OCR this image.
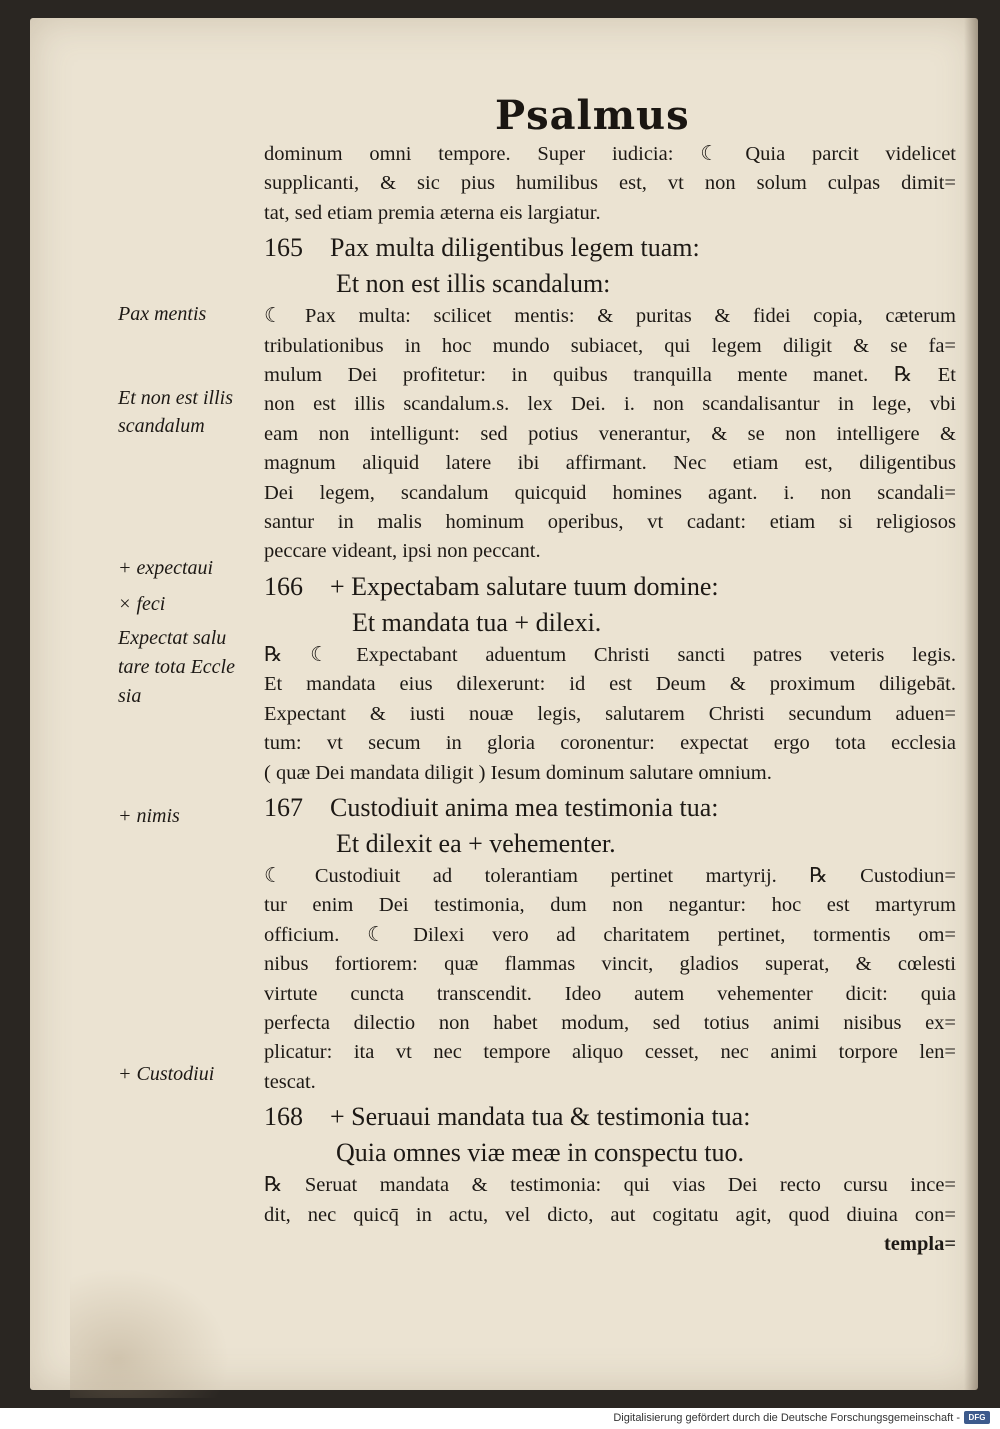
Psalmus
Pax mentis
Et non est illis
scandalum
+ expectaui
× feci
Expectat salu
tare tota Eccle
sia
+ nimis
+ Custodiui

dominum omni tempore. Super iudicia: ☾ Quia parcit videlicet

supplicanti, & sic pius humilibus est, vt non solum culpas dimit=

tat, sed etiam premia æterna eis largiatur.

165 Pax multa diligentibus legem tuam:
Et non est illis scandalum:

☾ Pax multa: scilicet mentis: & puritas & fidei copia, cæterum

tribulationibus in hoc mundo subiacet, qui legem diligit & se fa=

mulum Dei profitetur: in quibus tranquilla mente manet. ℞ Et

non est illis scandalum.s. lex Dei. i. non scandalisantur in lege, vbi

eam non intelligunt: sed potius venerantur, & se non intelligere &

magnum aliquid latere ibi affirmant. Nec etiam est, diligentibus

Dei legem, scandalum quicquid homines agant. i. non scandali=

santur in malis hominum operibus, vt cadant: etiam si religiosos

peccare videant, ipsi non peccant.

166 + Expectabam salutare tuum domine:
Et mandata tua + dilexi.

℞ ☾ Expectabant aduentum Christi sancti patres veteris legis.

Et mandata eius dilexerunt: id est Deum & proximum diligebāt.

Expectant & iusti nouæ legis, salutarem Christi secundum aduen=

tum: vt secum in gloria coronentur: expectat ergo tota ecclesia

( quæ Dei mandata diligit ) Iesum dominum salutare omnium.

167 Custodiuit anima mea testimonia tua:
Et dilexit ea + vehementer.

☾ Custodiuit ad tolerantiam pertinet martyrij. ℞ Custodiun=

tur enim Dei testimonia, dum non negantur: hoc est martyrum

officium. ☾ Dilexi vero ad charitatem pertinet, tormentis om=

nibus fortiorem: quæ flammas vincit, gladios superat, & cœlesti

virtute cuncta transcendit. Ideo autem vehementer dicit: quia

perfecta dilectio non habet modum, sed totius animi nisibus ex=

plicatur: ita vt nec tempore aliquo cesset, nec animi torpore len=

tescat.

168 + Seruaui mandata tua & testimonia tua:
Quia omnes viæ meæ in conspectu tuo.

℞ Seruat mandata & testimonia: qui vias Dei recto cursu ince=

dit, nec quicq̄ in actu, vel dicto, aut cogitatu agit, quod diuina con=

templa=

Digitalisierung gefördert durch die Deutsche Forschungsgemeinschaft -	DFG
